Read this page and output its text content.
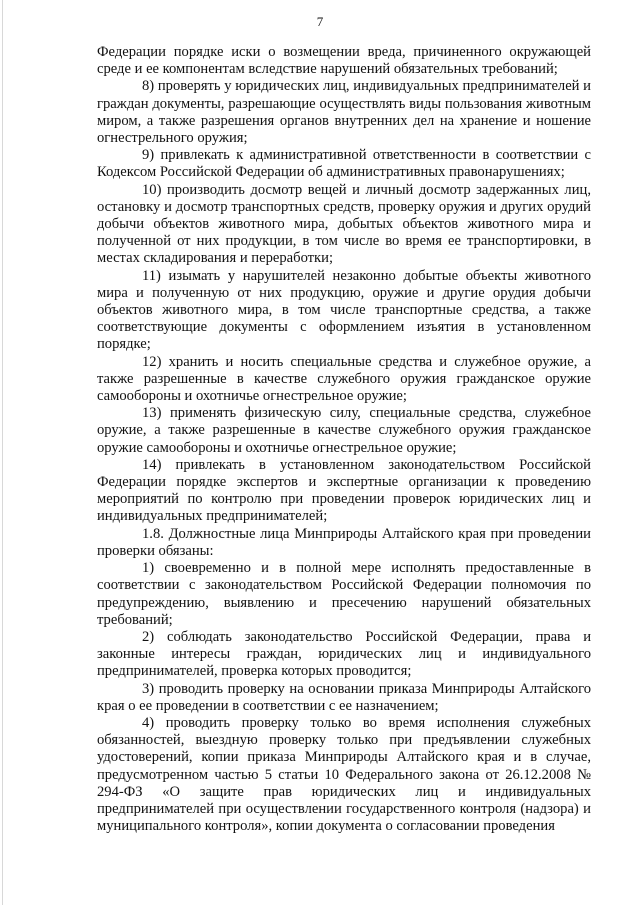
7

Федерации порядке иски о возмещении вреда, причиненного окружающей среде и ее компонентам вследствие нарушений обязательных требований;

8) проверять у юридических лиц, индивидуальных предпринимателей и граждан документы, разрешающие осуществлять виды пользования животным миром, а также разрешения органов внутренних дел на хранение и ношение огнестрельного оружия;

9) привлекать к административной ответственности в соответствии с Кодексом Российской Федерации об административных правонарушениях;

10) производить досмотр вещей и личный досмотр задержанных лиц, остановку и досмотр транспортных средств, проверку оружия и других орудий добычи объектов животного мира, добытых объектов животного мира и полученной от них продукции, в том числе во время ее транспортировки, в местах складирования и переработки;

11) изымать у нарушителей незаконно добытые объекты животного мира и полученную от них продукцию, оружие и другие орудия добычи объектов животного мира, в том числе транспортные средства, а также соответствующие документы с оформлением изъятия в установленном порядке;

12) хранить и носить специальные средства и служебное оружие, а также разрешенные в качестве служебного оружия гражданское оружие самообороны и охотничье огнестрельное оружие;

13) применять физическую силу, специальные средства, служебное оружие, а также разрешенные в качестве служебного оружия гражданское оружие самообороны и охотничье огнестрельное оружие;

14) привлекать в установленном законодательством Российской Федерации порядке экспертов и экспертные организации к проведению мероприятий по контролю при проведении проверок юридических лиц и индивидуальных предпринимателей;

1.8. Должностные лица Минприроды Алтайского края при проведении проверки обязаны:

1) своевременно и в полной мере исполнять предоставленные в соответствии с законодательством Российской Федерации полномочия по предупреждению, выявлению и пресечению нарушений обязательных требований;

2) соблюдать законодательство Российской Федерации, права и законные интересы граждан, юридических лиц и индивидуального предпринимателей, проверка которых проводится;

3) проводить проверку на основании приказа Минприроды Алтайского края о ее проведении в соответствии с ее назначением;

4) проводить проверку только во время исполнения служебных обязанностей, выездную проверку только при предъявлении служебных удостоверений, копии приказа Минприроды Алтайского края и в случае, предусмотренном частью 5 статьи 10 Федерального закона от 26.12.2008 № 294-ФЗ «О защите прав юридических лиц и индивидуальных предпринимателей при осуществлении государственного контроля (надзора) и муниципального контроля», копии документа о согласовании проведения
